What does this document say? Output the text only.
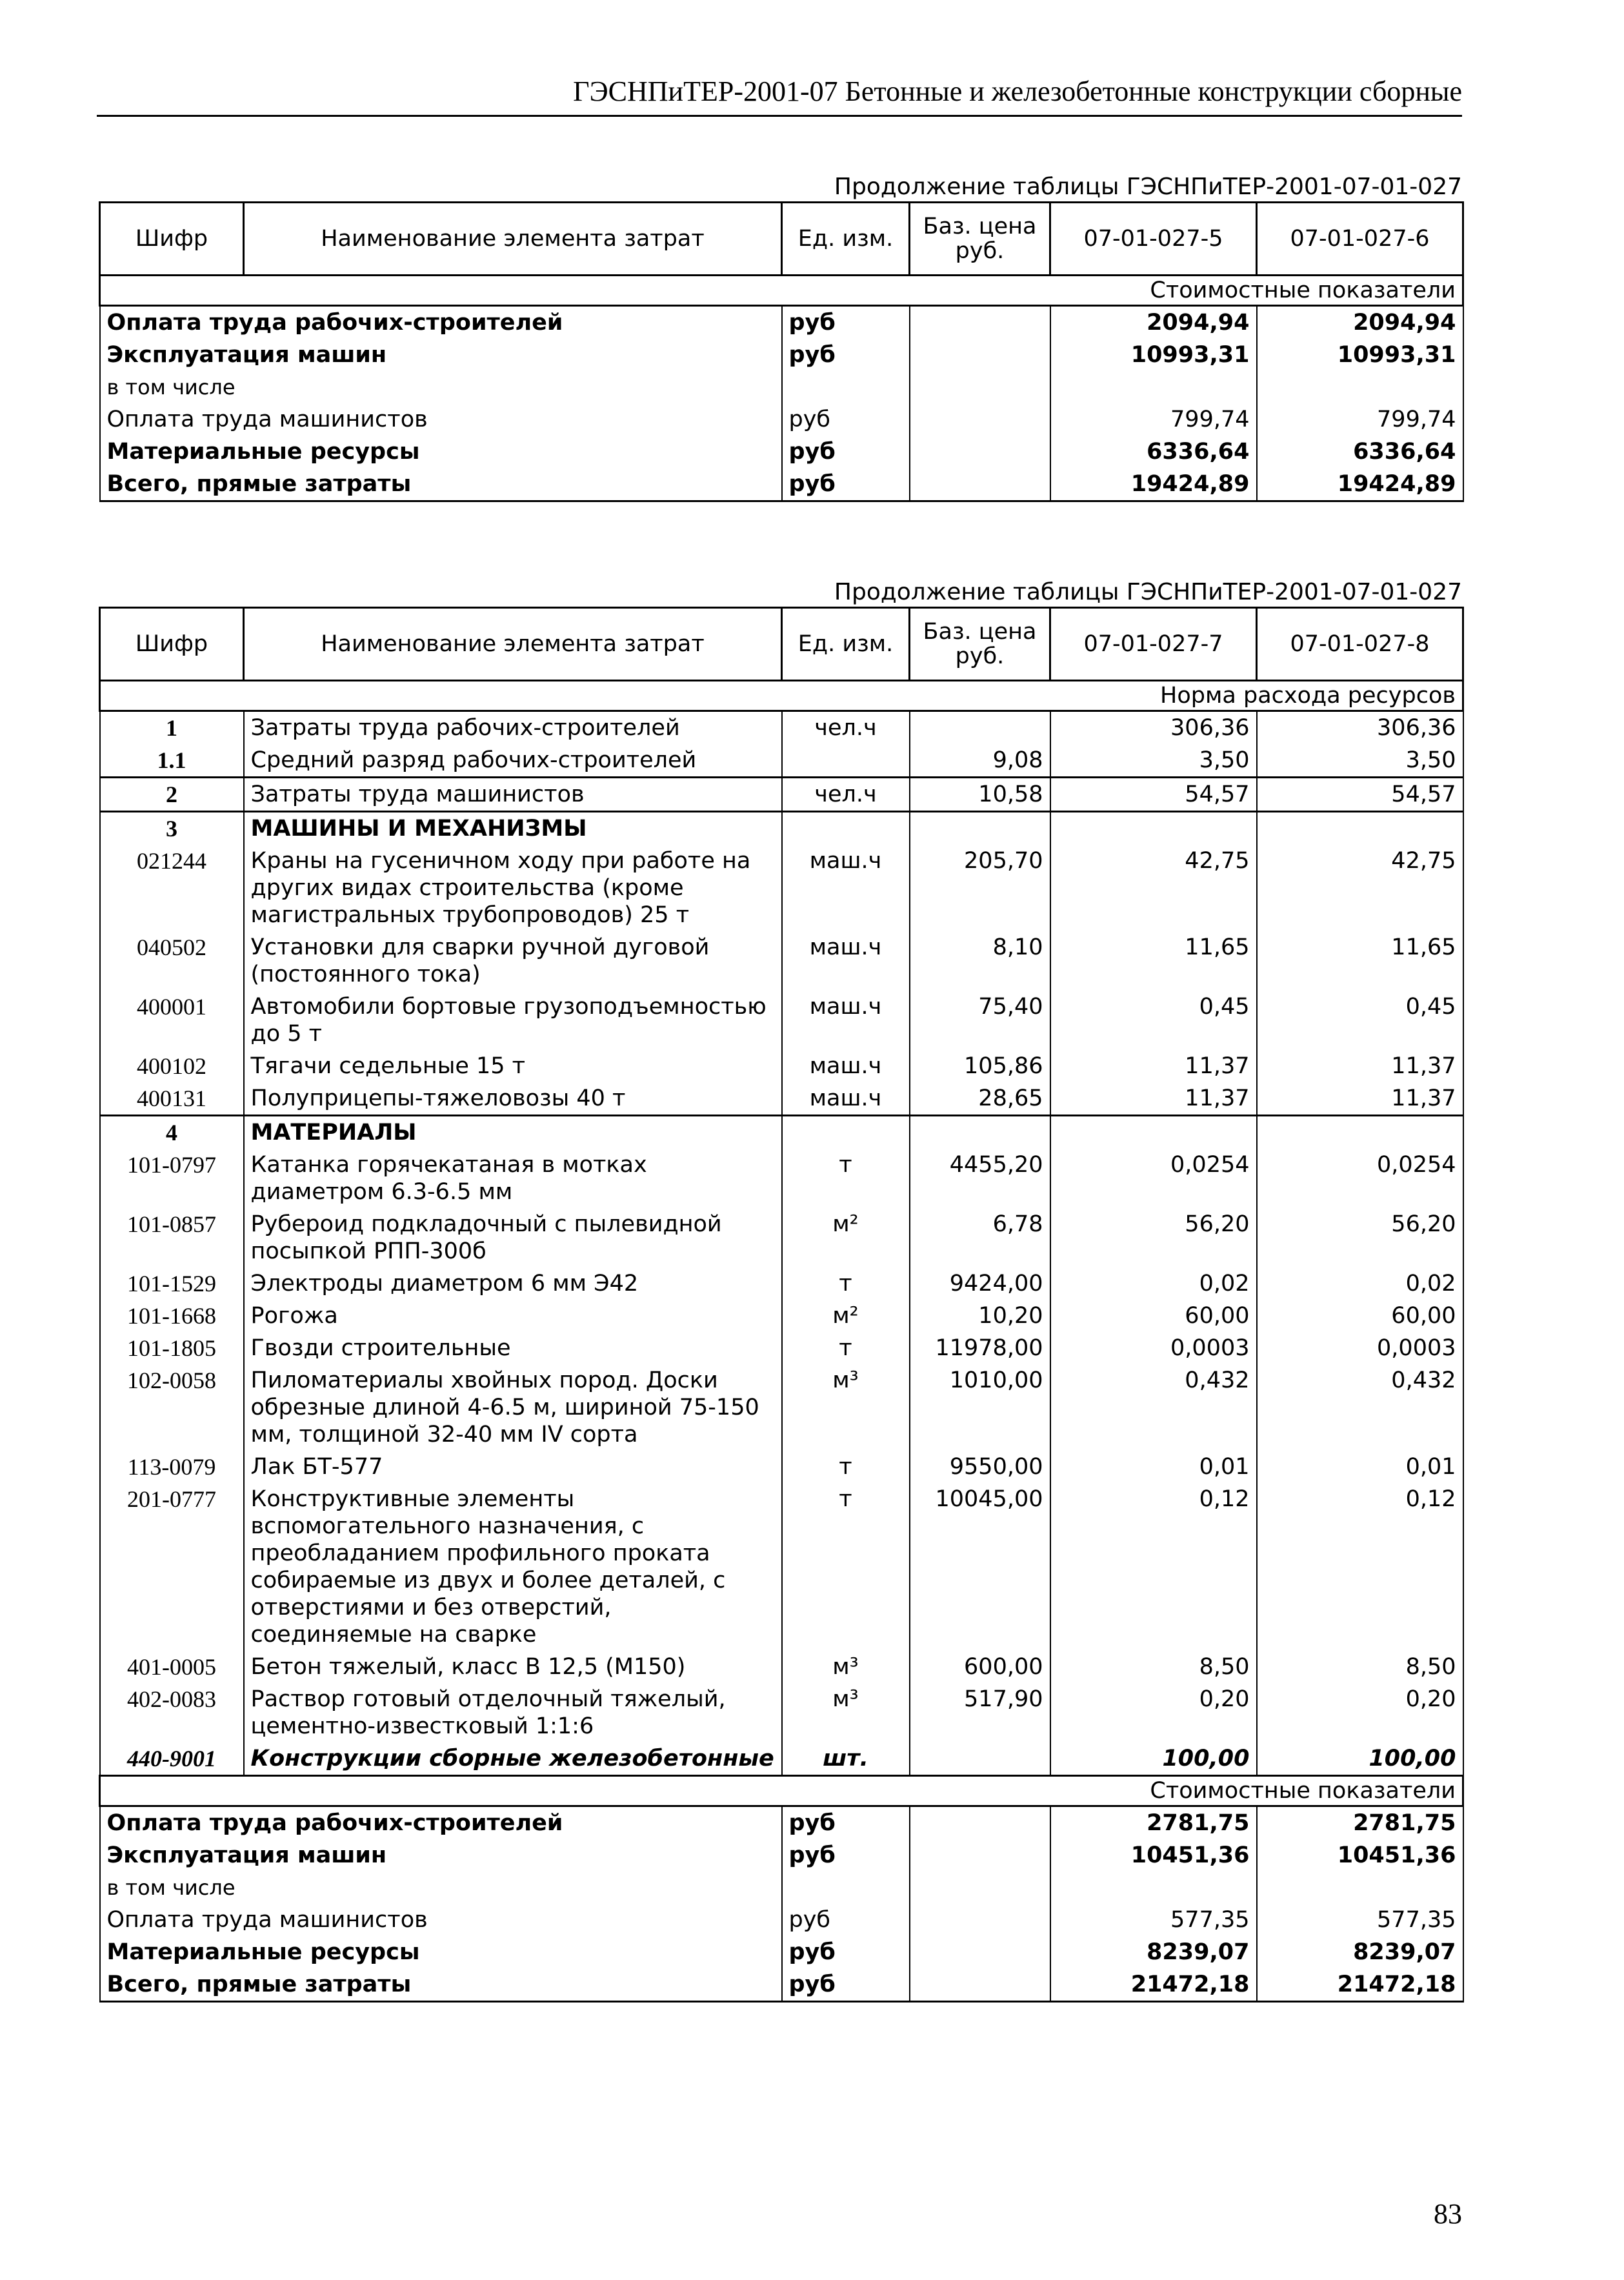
ГЭСНПиТЕР-2001-07 Бетонные и железобетонные конструкции сборные
Продолжение таблицы ГЭСНПиТЕР-2001-07-01-027
Шифр	Наименование элемента затрат	Ед. изм.	Баз. цена руб.	07-01-027-5	07-01-027-6
Стоимостные показатели					
Оплата труда рабочих-строителей		руб		2094,94	2094,94
Эксплуатация машин		руб		10993,31	10993,31
в том числе					
Оплата труда машинистов		руб		799,74	799,74
Материальные ресурсы		руб		6336,64	6336,64
Всего, прямые затраты		руб		19424,89	19424,89
Продолжение таблицы ГЭСНПиТЕР-2001-07-01-027
Шифр	Наименование элемента затрат	Ед. изм.	Баз. цена руб.	07-01-027-7	07-01-027-8
Норма расхода ресурсов					
1	Затраты труда рабочих-строителей	чел.ч		306,36	306,36
1.1	Средний разряд рабочих-строителей		9,08	3,50	3,50
2	Затраты труда машинистов	чел.ч	10,58	54,57	54,57
3	МАШИНЫ И МЕХАНИЗМЫ				
021244	Краны на гусеничном ходу при работе на других видах строительства (кроме магистральных трубопроводов) 25 т	маш.ч	205,70	42,75	42,75
040502	Установки для сварки ручной дуговой (постоянного тока)	маш.ч	8,10	11,65	11,65
400001	Автомобили бортовые грузоподъемностью до 5 т	маш.ч	75,40	0,45	0,45
400102	Тягачи седельные 15 т	маш.ч	105,86	11,37	11,37
400131	Полуприцепы-тяжеловозы 40 т	маш.ч	28,65	11,37	11,37
4	МАТЕРИАЛЫ				
101-0797	Катанка горячекатаная в мотках диаметром 6.3-6.5 мм	т	4455,20	0,0254	0,0254
101-0857	Рубероид подкладочный с пылевидной посыпкой РПП-300б	м²	6,78	56,20	56,20
101-1529	Электроды диаметром 6 мм Э42	т	9424,00	0,02	0,02
101-1668	Рогожа	м²	10,20	60,00	60,00
101-1805	Гвозди строительные	т	11978,00	0,0003	0,0003
102-0058	Пиломатериалы хвойных пород. Доски обрезные длиной 4-6.5 м, шириной 75-150 мм, толщиной 32-40 мм IV сорта	м³	1010,00	0,432	0,432
113-0079	Лак БТ-577	т	9550,00	0,01	0,01
201-0777	Конструктивные элементы вспомогательного назначения, с преобладанием профильного проката собираемые из двух и более деталей, с отверстиями и без отверстий, соединяемые на сварке	т	10045,00	0,12	0,12
401-0005	Бетон тяжелый, класс В 12,5 (М150)	м³	600,00	8,50	8,50
402-0083	Раствор готовый отделочный тяжелый, цементно-известковый 1:1:6	м³	517,90	0,20	0,20
440-9001	Конструкции сборные железобетонные	шт.		100,00	100,00
Стоимостные показатели					
Оплата труда рабочих-строителей		руб		2781,75	2781,75
Эксплуатация машин		руб		10451,36	10451,36
в том числе					
Оплата труда машинистов		руб		577,35	577,35
Материальные ресурсы		руб		8239,07	8239,07
Всего, прямые затраты		руб		21472,18	21472,18
83
